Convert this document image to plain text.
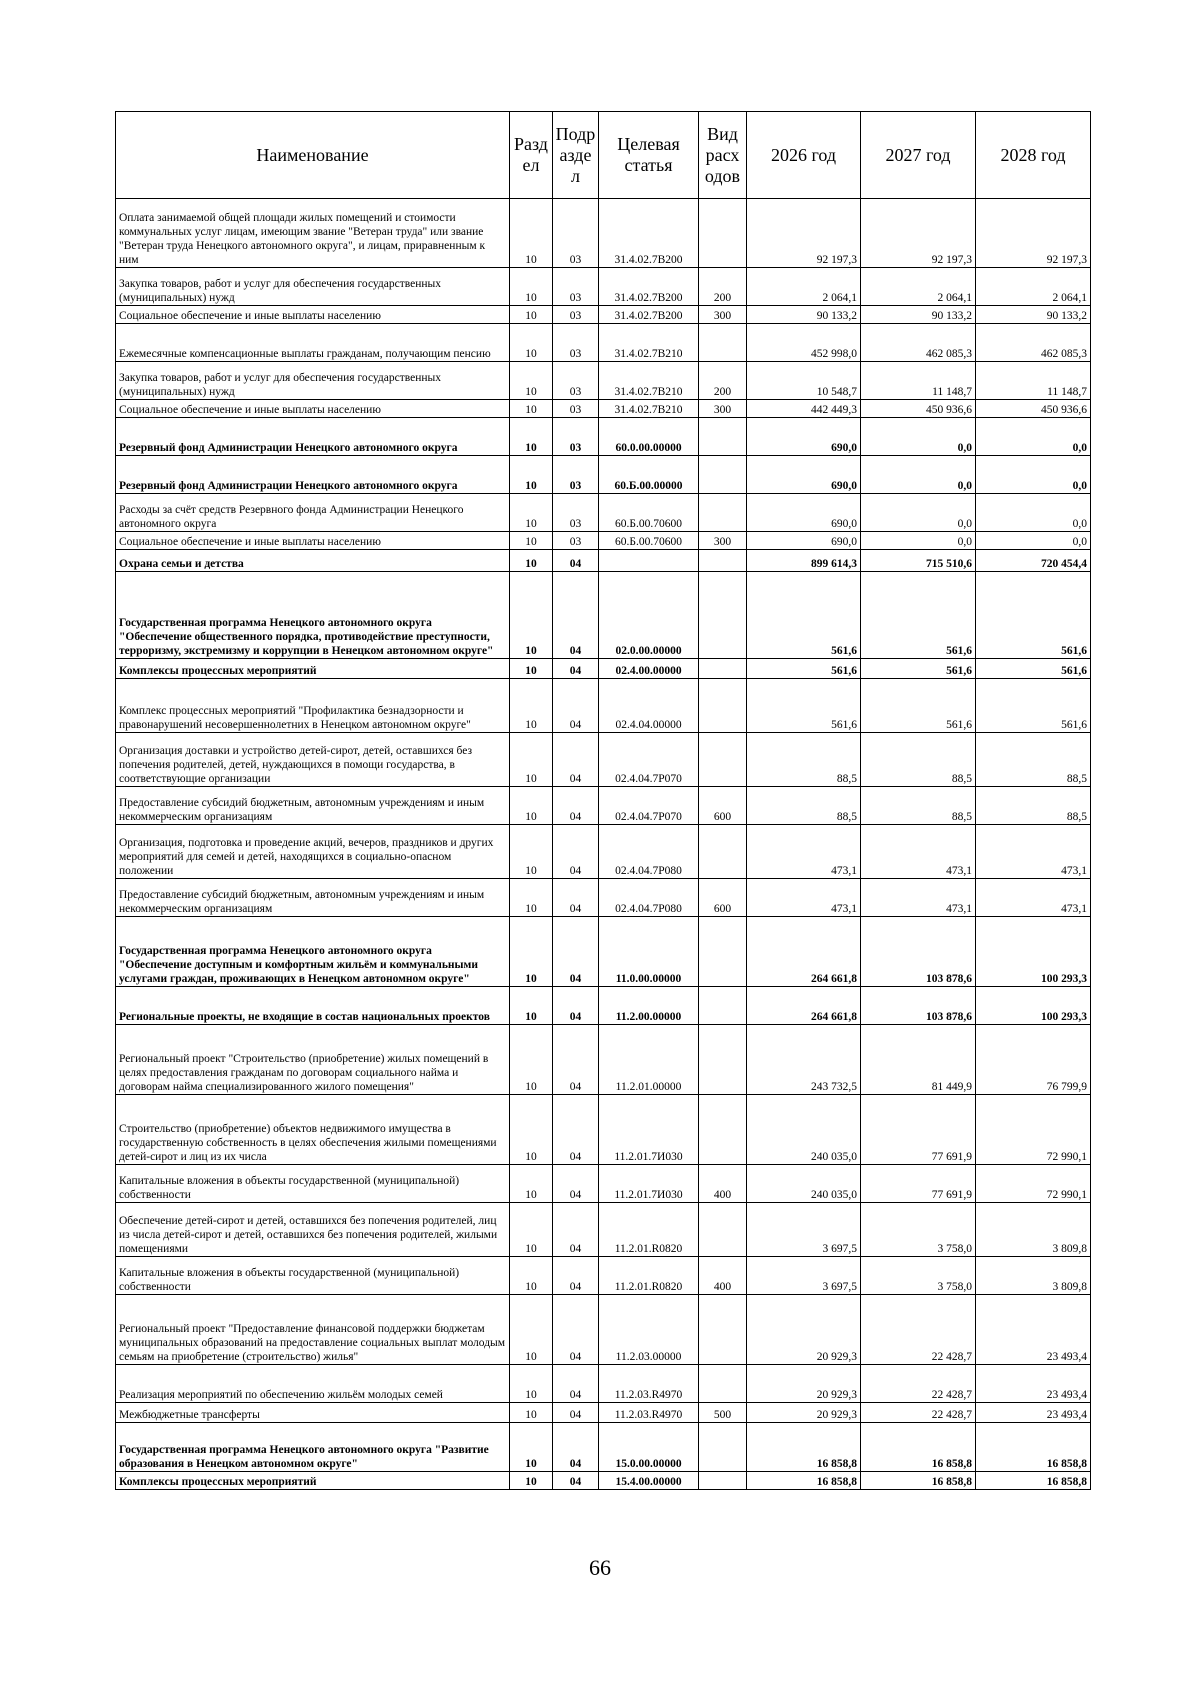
Наименование	Разд ел	Подр азде л	Целевая статья	Вид расх одов	2026 год	2027 год	2028 год
Оплата занимаемой общей площади жилых помещений и стоимости коммунальных услуг лицам, имеющим звание "Ветеран труда" или звание "Ветеран труда Ненецкого автономного округа", и лицам, приравненным к ним	10	03	31.4.02.7В200		92 197,3	92 197,3	92 197,3
Закупка товаров, работ и услуг для обеспечения государственных (муниципальных) нужд	10	03	31.4.02.7В200	200	2 064,1	2 064,1	2 064,1
Социальное обеспечение и иные выплаты населению	10	03	31.4.02.7В200	300	90 133,2	90 133,2	90 133,2
Ежемесячные компенсационные выплаты гражданам, получающим пенсию	10	03	31.4.02.7В210		452 998,0	462 085,3	462 085,3
Закупка товаров, работ и услуг для обеспечения государственных (муниципальных) нужд	10	03	31.4.02.7В210	200	10 548,7	11 148,7	11 148,7
Социальное обеспечение и иные выплаты населению	10	03	31.4.02.7В210	300	442 449,3	450 936,6	450 936,6
Резервный фонд Администрации Ненецкого автономного округа	10	03	60.0.00.00000		690,0	0,0	0,0
Резервный фонд Администрации Ненецкого автономного округа	10	03	60.Б.00.00000		690,0	0,0	0,0
Расходы за счёт средств Резервного фонда Администрации Ненецкого автономного округа	10	03	60.Б.00.70600		690,0	0,0	0,0
Социальное обеспечение и иные выплаты населению	10	03	60.Б.00.70600	300	690,0	0,0	0,0
Охрана семьи и детства	10	04			899 614,3	715 510,6	720 454,4
Государственная программа Ненецкого автономного округа "Обеспечение общественного порядка, противодействие преступности, терроризму, экстремизму и коррупции в Ненецком автономном округе"	10	04	02.0.00.00000		561,6	561,6	561,6
Комплексы процессных мероприятий	10	04	02.4.00.00000		561,6	561,6	561,6
Комплекс процессных мероприятий "Профилактика безнадзорности и правонарушений несовершеннолетних в Ненецком автономном округе"	10	04	02.4.04.00000		561,6	561,6	561,6
Организация доставки и устройство детей-сирот, детей, оставшихся без попечения родителей, детей, нуждающихся в помощи государства, в соответствующие организации	10	04	02.4.04.7Р070		88,5	88,5	88,5
Предоставление субсидий бюджетным, автономным учреждениям и иным некоммерческим организациям	10	04	02.4.04.7Р070	600	88,5	88,5	88,5
Организация, подготовка и проведение акций, вечеров, праздников и других мероприятий для семей и детей, находящихся в социально-опасном положении	10	04	02.4.04.7Р080		473,1	473,1	473,1
Предоставление субсидий бюджетным, автономным учреждениям и иным некоммерческим организациям	10	04	02.4.04.7Р080	600	473,1	473,1	473,1
Государственная программа Ненецкого автономного округа "Обеспечение доступным и комфортным жильём и коммунальными услугами граждан, проживающих в Ненецком автономном округе"	10	04	11.0.00.00000		264 661,8	103 878,6	100 293,3
Региональные проекты, не входящие в состав национальных проектов	10	04	11.2.00.00000		264 661,8	103 878,6	100 293,3
Региональный проект "Строительство (приобретение) жилых помещений в целях предоставления гражданам по договорам социального найма и договорам найма специализированного жилого помещения"	10	04	11.2.01.00000		243 732,5	81 449,9	76 799,9
Строительство (приобретение) объектов недвижимого имущества в государственную собственность в целях обеспечения жилыми помещениями детей-сирот и лиц из их числа	10	04	11.2.01.7И030		240 035,0	77 691,9	72 990,1
Капитальные вложения в объекты государственной (муниципальной) собственности	10	04	11.2.01.7И030	400	240 035,0	77 691,9	72 990,1
Обеспечение детей-сирот и детей, оставшихся без попечения родителей, лиц из числа детей-сирот и детей, оставшихся без попечения родителей, жилыми помещениями	10	04	11.2.01.R0820		3 697,5	3 758,0	3 809,8
Капитальные вложения в объекты государственной (муниципальной) собственности	10	04	11.2.01.R0820	400	3 697,5	3 758,0	3 809,8
Региональный проект "Предоставление финансовой поддержки бюджетам муниципальных образований на предоставление социальных выплат молодым семьям на приобретение (строительство) жилья"	10	04	11.2.03.00000		20 929,3	22 428,7	23 493,4
Реализация мероприятий по обеспечению жильём молодых семей	10	04	11.2.03.R4970		20 929,3	22 428,7	23 493,4
Межбюджетные трансферты	10	04	11.2.03.R4970	500	20 929,3	22 428,7	23 493,4
Государственная программа Ненецкого автономного округа "Развитие образования в Ненецком автономном округе"	10	04	15.0.00.00000		16 858,8	16 858,8	16 858,8
Комплексы процессных мероприятий	10	04	15.4.00.00000		16 858,8	16 858,8	16 858,8
66
